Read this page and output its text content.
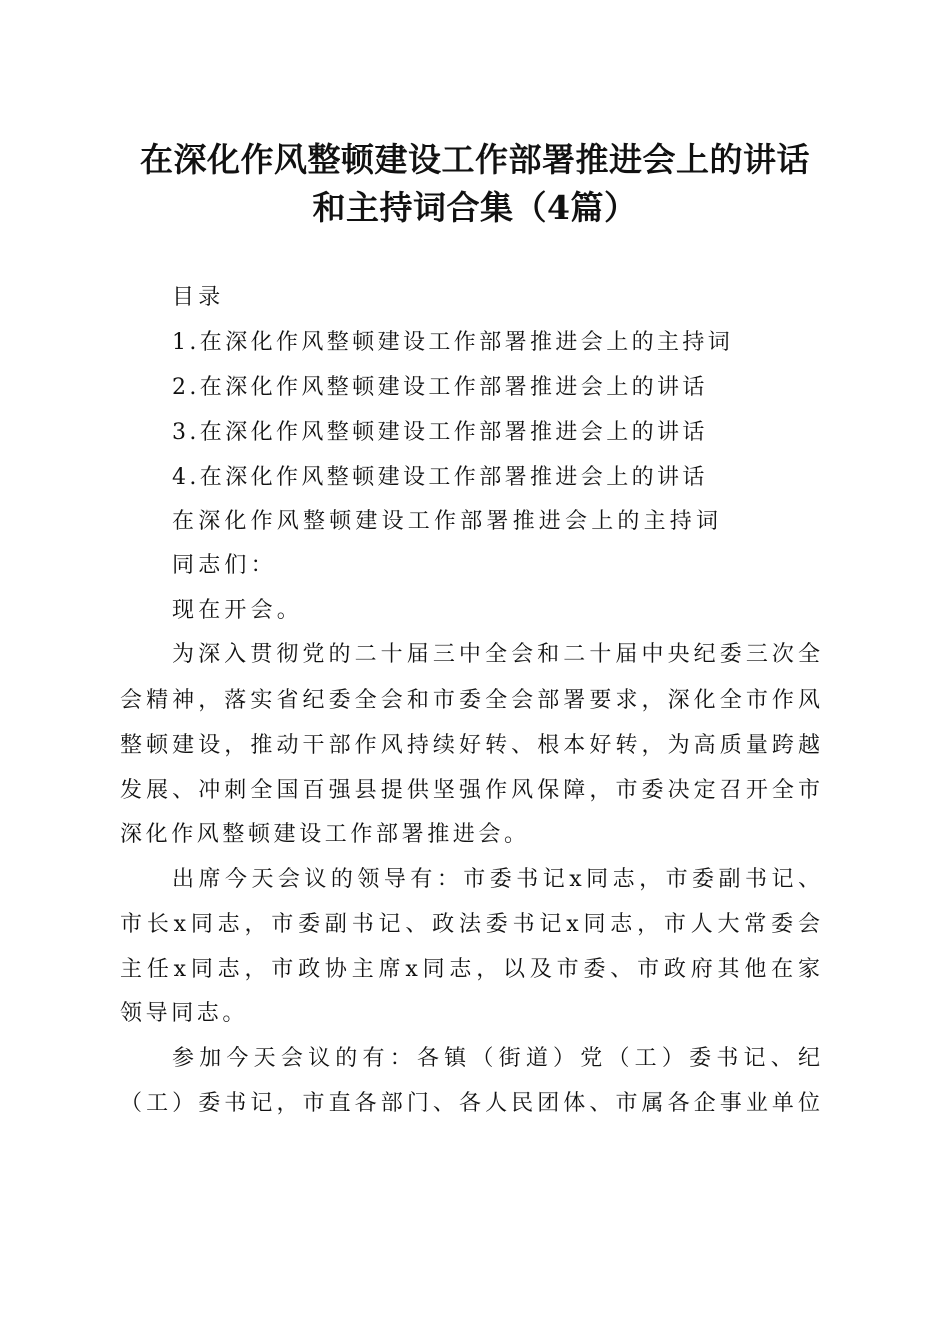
在深化作风整顿建设工作部署推进会上的讲话
和主持词合集（4篇）

目录

1.在深化作风整顿建设工作部署推进会上的主持词

2.在深化作风整顿建设工作部署推进会上的讲话

3.在深化作风整顿建设工作部署推进会上的讲话

4.在深化作风整顿建设工作部署推进会上的讲话

在深化作风整顿建设工作部署推进会上的主持词

同志们：

现在开会。

为深入贯彻党的二十届三中全会和二十届中央纪委三次全

会精神，落实省纪委全会和市委全会部署要求，深化全市作风

整顿建设，推动干部作风持续好转、根本好转，为高质量跨越

发展、冲刺全国百强县提供坚强作风保障，市委决定召开全市

深化作风整顿建设工作部署推进会。

出席今天会议的领导有：市委书记x同志，市委副书记、

市长x同志，市委副书记、政法委书记x同志，市人大常委会

主任x同志，市政协主席x同志，以及市委、市政府其他在家

领导同志。

参加今天会议的有：各镇（街道）党（工）委书记、纪

（工）委书记，市直各部门、各人民团体、市属各企事业单位
